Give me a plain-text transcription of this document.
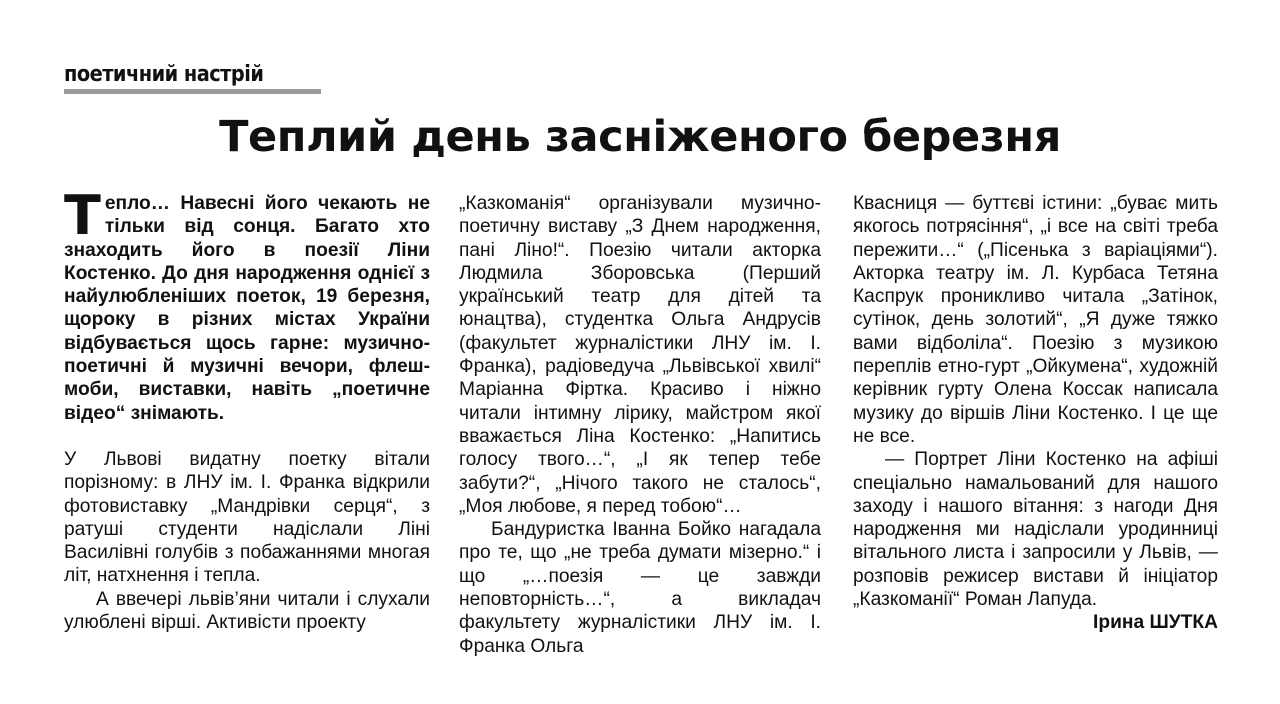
поетичний настрій
Теплий день засніженого березня

Тепло… Навесні його чекають не тільки від сонця. Багато хто знаходить його в поезії Ліни Костенко. До дня народження однієї з найулюбленіших поеток, 19 березня, щороку в різних містах України відбувається щось гарне: музично-поетичні й музичні вечори, флеш-моби, виставки, навіть „поетичне відео“ знімають.

У Львові видатну поетку вітали порізному: в ЛНУ ім. І. Франка відкрили фотовиставку „Мандрівки серця“, з ратуші студенти надіслали Ліні Василівні голубів з побажаннями многая літ, натхнення і тепла.

А ввечері львів’яни читали і слухали улюблені вірші. Активісти проекту

„Казкоманія“ організували музично-поетичну виставу „З Днем народження, пані Ліно!“. Поезію читали акторка Людмила Зборовська (Перший український театр для дітей та юнацтва), студентка Ольга Андрусів (факультет журналістики ЛНУ ім. І. Франка), радіоведуча „Львівської хвилі“ Маріанна Фіртка. Красиво і ніжно читали інтимну лірику, майстром якої вважається Ліна Костенко: „Напитись голосу твого…“, „І як тепер тебе забути?“, „Нічого такого не сталось“, „Моя любове, я перед тобою“…

Бандуристка Іванна Бойко нагадала про те, що „не треба думати мізерно.“ і що „…поезія — це завжди неповторність…“, а викладач факультету журналістики ЛНУ ім. І. Франка Ольга

Квасниця — буттєві істини: „буває мить якогось потрясіння“, „і все на світі треба пережити…“ („Пісенька з варіаціями“). Акторка театру ім. Л. Курбаса Тетяна Каспрук проникливо читала „Затінок, сутінок, день золотий“, „Я дуже тяжко вами відболіла“. Поезію з музикою переплів етно-гурт „Ойкумена“, художній керівник гурту Олена Коссак написала музику до віршів Ліни Костенко. І це ще не все.

— Портрет Ліни Костенко на афіші спеціально намальований для нашого заходу і нашого вітання: з нагоди Дня народження ми надіслали уродинниці вітального листа і запросили у Львів, — розповів режисер вистави й ініціатор „Казкоманії“ Роман Лапуда.

Ірина ШУТКА
